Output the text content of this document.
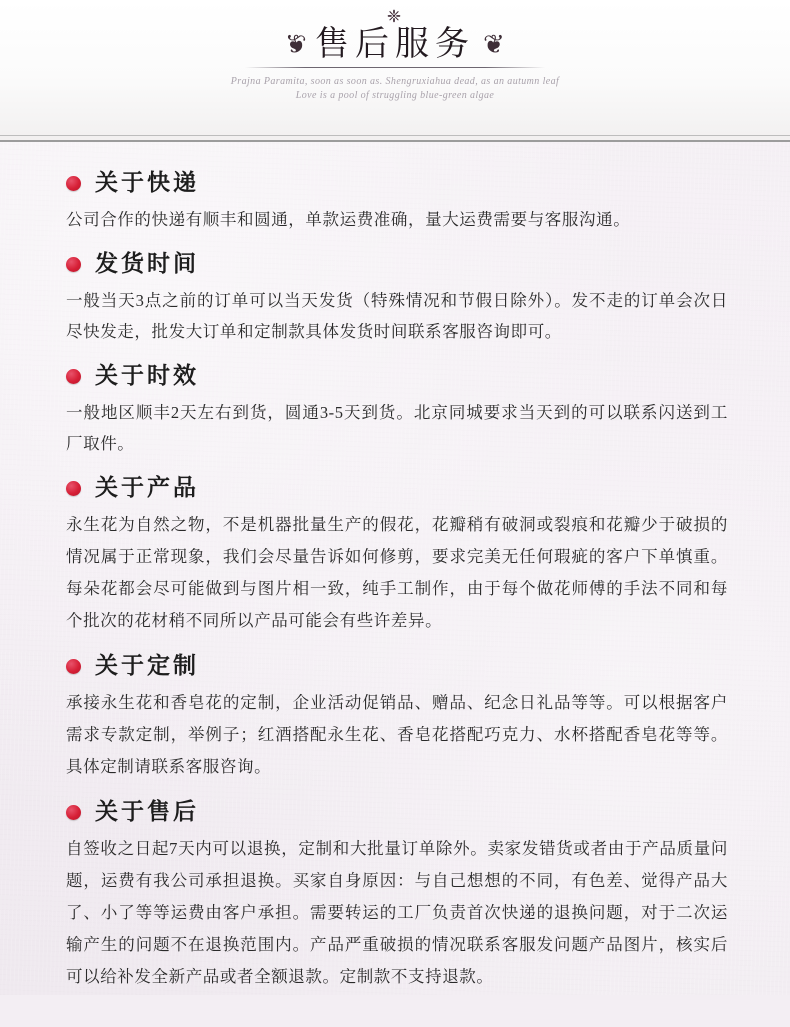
❈
❦ 售后服务 ❦
Prajna Paramita, soon as soon as. Shengruxiahua dead, as an autumn leaf
Love is a pool of struggling blue-green algae
关于快递

公司合作的快递有顺丰和圆通，单款运费准确，量大运费需要与客服沟通。

发货时间

一般当天3点之前的订单可以当天发货（特殊情况和节假日除外）。发不走的订单会次日尽快发走，批发大订单和定制款具体发货时间联系客服咨询即可。

关于时效

一般地区顺丰2天左右到货，圆通3-5天到货。北京同城要求当天到的可以联系闪送到工厂取件。

关于产品

永生花为自然之物，不是机器批量生产的假花，花瓣稍有破洞或裂痕和花瓣少于破损的情况属于正常现象，我们会尽量告诉如何修剪，要求完美无任何瑕疵的客户下单慎重。每朵花都会尽可能做到与图片相一致，纯手工制作，由于每个做花师傅的手法不同和每个批次的花材稍不同所以产品可能会有些许差异。

关于定制

承接永生花和香皂花的定制，企业活动促销品、赠品、纪念日礼品等等。可以根据客户需求专款定制，举例子；红酒搭配永生花、香皂花搭配巧克力、水杯搭配香皂花等等。具体定制请联系客服咨询。

关于售后

自签收之日起7天内可以退换，定制和大批量订单除外。卖家发错货或者由于产品质量问题，运费有我公司承担退换。买家自身原因：与自己想想的不同，有色差、觉得产品大了、小了等等运费由客户承担。需要转运的工厂负责首次快递的退换问题，对于二次运输产生的问题不在退换范围内。产品严重破损的情况联系客服发问题产品图片，核实后可以给补发全新产品或者全额退款。定制款不支持退款。
